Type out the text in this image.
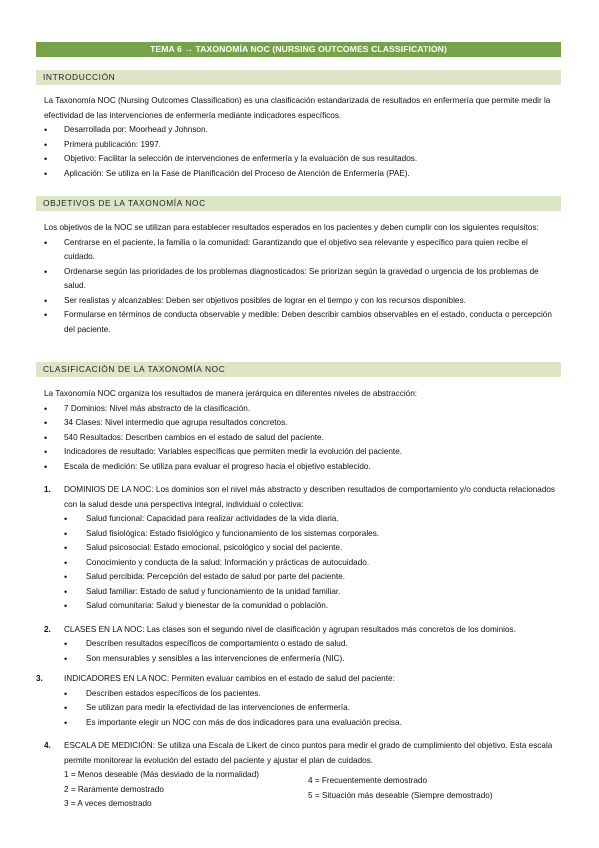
TEMA 6 → TAXONOMÍA NOC (NURSING OUTCOMES CLASSIFICATION)
INTRODUCCIÓN

La Taxonomía NOC (Nursing Outcomes Classification) es una clasificación estandarizada de resultados en enfermería que permite medir la efectividad de las intervenciones de enfermería mediante indicadores específicos.

• Desarrollada por: Moorhead y Johnson.
• Primera publicación: 1997.
• Objetivo: Facilitar la selección de intervenciones de enfermería y la evaluación de sus resultados.
• Aplicación: Se utiliza en la Fase de Planificación del Proceso de Atención de Enfermería (PAE).
OBJETIVOS DE LA TAXONOMÍA NOC

Los objetivos de la NOC se utilizan para establecer resultados esperados en los pacientes y deben cumplir con los siguientes requisitos:

• Centrarse en el paciente, la familia o la comunidad: Garantizando que el objetivo sea relevante y específico para quien recibe el cuidado.
• Ordenarse según las prioridades de los problemas diagnosticados: Se priorizan según la gravedad o urgencia de los problemas de salud.
• Ser realistas y alcanzables: Deben ser objetivos posibles de lograr en el tiempo y con los recursos disponibles.
• Formularse en términos de conducta observable y medible: Deben describir cambios observables en el estado, conducta o percepción del paciente.
CLASIFICACIÓN DE LA TAXONOMÍA NOC

La Taxonomía NOC organiza los resultados de manera jerárquica en diferentes niveles de abstracción:

• 7 Dominios: Nivel más abstracto de la clasificación.
• 34 Clases: Nivel intermedio que agrupa resultados concretos.
• 540 Resultados: Describen cambios en el estado de salud del paciente.
• Indicadores de resultado: Variables específicas que permiten medir la evolución del paciente.
• Escala de medición: Se utiliza para evaluar el progreso hacia el objetivo establecido.
1. DOMINIOS DE LA NOC: Los dominios son el nivel más abstracto y describen resultados de comportamiento y/o conducta relacionados con la salud desde una perspectiva integral, individual o colectiva:

• Salud funcional: Capacidad para realizar actividades de la vida diaria.
• Salud fisiológica: Estado fisiológico y funcionamiento de los sistemas corporales.
• Salud psicosocial: Estado emocional, psicológico y social del paciente.
• Conocimiento y conducta de la salud: Información y prácticas de autocuidado.
• Salud percibida: Percepción del estado de salud por parte del paciente.
• Salud familiar: Estado de salud y funcionamiento de la unidad familiar.
• Salud comunitaria: Salud y bienestar de la comunidad o población.
2. CLASES EN LA NOC: Las clases son el segundo nivel de clasificación y agrupan resultados más concretos de los dominios.

• Describen resultados específicos de comportamiento o estado de salud.
• Son mensurables y sensibles a las intervenciones de enfermería (NIC).
3.	INDICADORES EN LA NOC: Permiten evaluar cambios en el estado de salud del paciente:

• Describen estados específicos de los pacientes.
• Se utilizan para medir la efectividad de las intervenciones de enfermería.
• Es importante elegir un NOC con más de dos indicadores para una evaluación precisa.
4. ESCALA DE MEDICIÓN: Se utiliza una Escala de Likert de cinco puntos para medir el grado de cumplimiento del objetivo. Esta escala permite monitorear la evolución del estado del paciente y ajustar el plan de cuidados.

1 = Menos deseable (Más desviado de la normalidad)
2 = Raramente demostrado
3 = A veces demostrado
4 = Frecuentemente demostrado
5 = Situación más deseable (Siempre demostrado)
